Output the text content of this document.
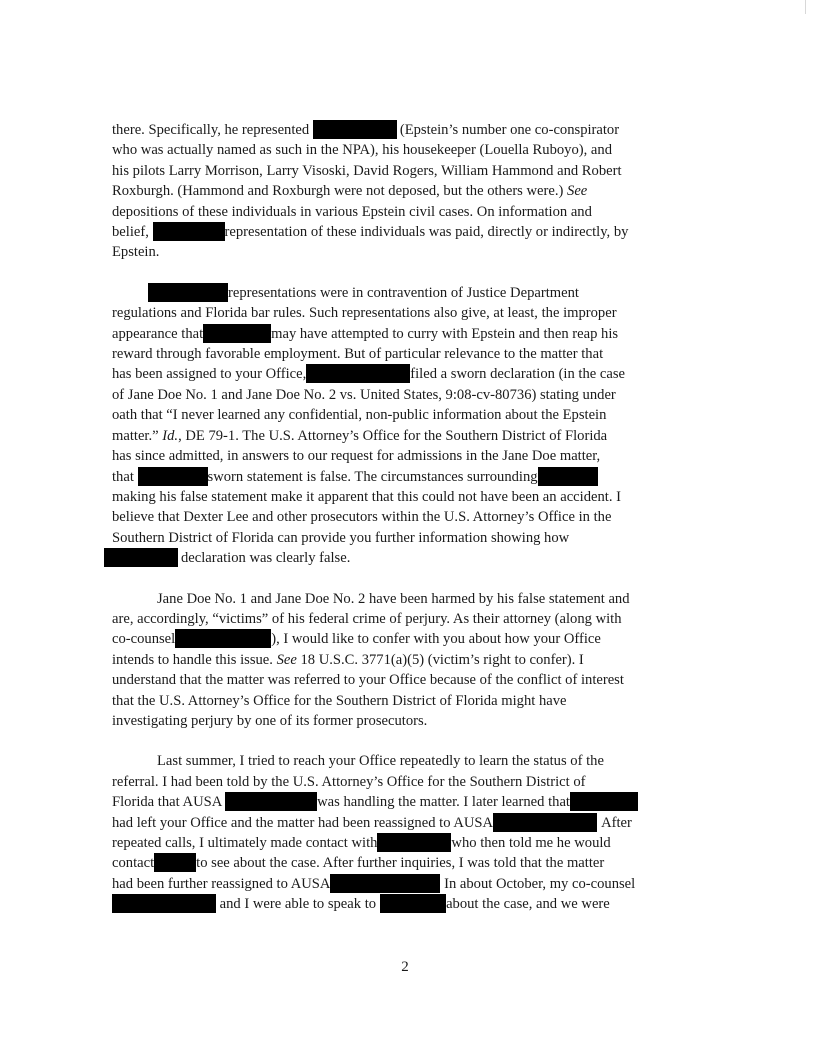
there. Specifically, he represented	(Epstein’s number one co-conspirator

who was actually named as such in the NPA), his housekeeper (Louella Ruboyo), and

his pilots Larry Morrison, Larry Visoski, David Rogers, William Hammond and Robert

Roxburgh. (Hammond and Roxburgh were not deposed, but the others were.) See

depositions of these individuals in various Epstein civil cases. On information and

belief,	representation of these individuals was paid, directly or indirectly, by

Epstein.

representations were in contravention of Justice Department

regulations and Florida bar rules. Such representations also give, at least, the improper

appearance that	may have attempted to curry with Epstein and then reap his

reward through favorable employment. But of particular relevance to the matter that

has been assigned to your Office,	filed a sworn declaration (in the case

of Jane Doe No. 1 and Jane Doe No. 2 vs. United States, 9:08-cv-80736) stating under

oath that “I never learned any confidential, non-public information about the Epstein

matter.” Id., DE 79-1. The U.S. Attorney’s Office for the Southern District of Florida

has since admitted, in answers to our request for admissions in the Jane Doe matter,

that	sworn statement is false. The circumstances surrounding

making his false statement make it apparent that this could not have been an accident. I

believe that Dexter Lee and other prosecutors within the U.S. Attorney’s Office in the

Southern District of Florida can provide you further information showing how

declaration was clearly false.

Jane Doe No. 1 and Jane Doe No. 2 have been harmed by his false statement and

are, accordingly, “victims” of his federal crime of perjury. As their attorney (along with

co-counsel	), I would like to confer with you about how your Office

intends to handle this issue. See 18 U.S.C. 3771(a)(5) (victim’s right to confer). I

understand that the matter was referred to your Office because of the conflict of interest

that the U.S. Attorney’s Office for the Southern District of Florida might have

investigating perjury by one of its former prosecutors.

Last summer, I tried to reach your Office repeatedly to learn the status of the

referral. I had been told by the U.S. Attorney’s Office for the Southern District of

Florida that AUSA	was handling the matter. I later learned that

had left your Office and the matter had been reassigned to AUSA	After

repeated calls, I ultimately made contact with	who then told me he would

contact	to see about the case. After further inquiries, I was told that the matter

had been further reassigned to AUSA	In about October, my co-counsel

and I were able to speak to	about the case, and we were

2
